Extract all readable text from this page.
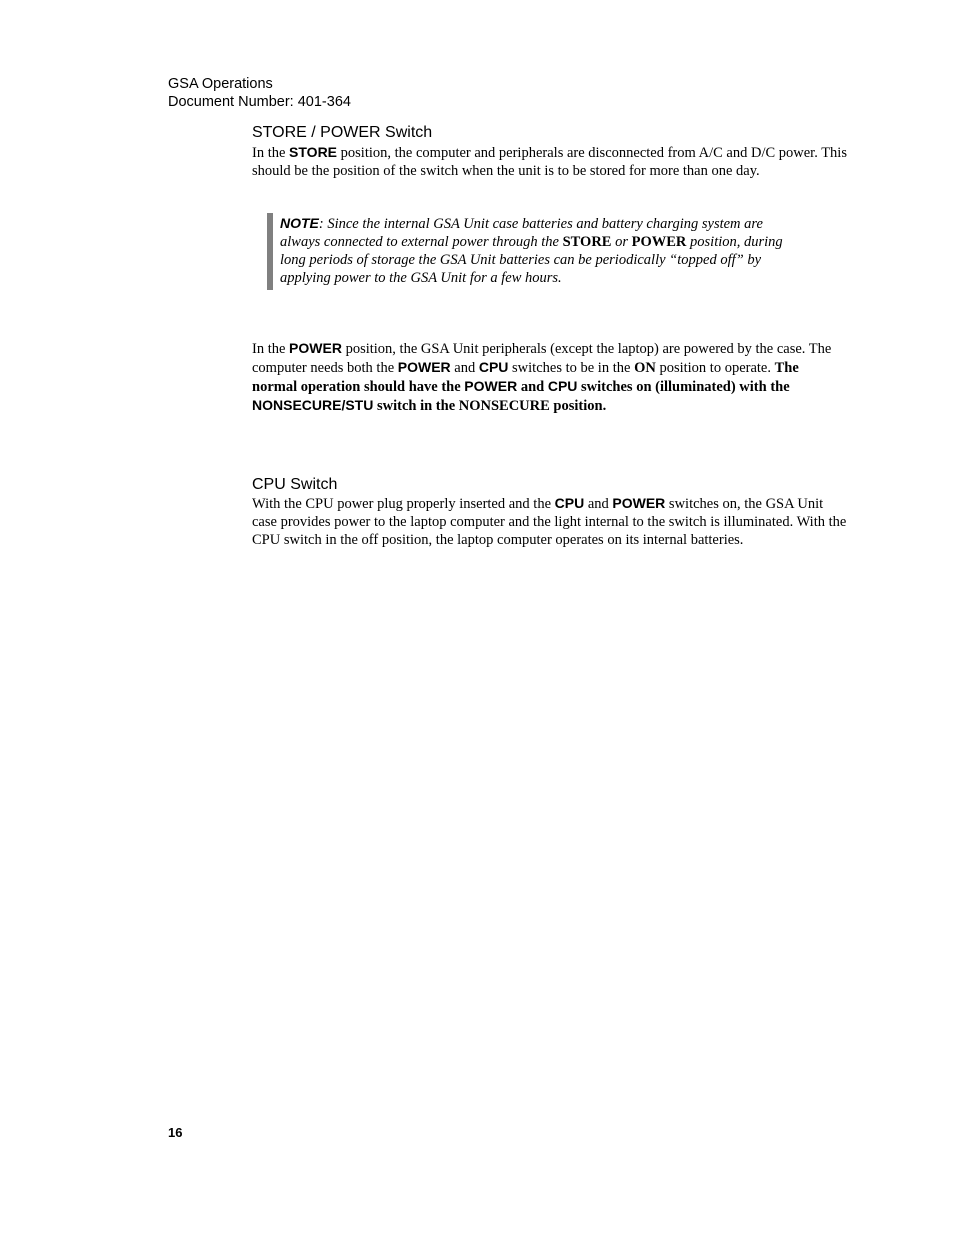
GSA Operations
Document Number: 401-364
STORE / POWER Switch
In the STORE position, the computer and peripherals are disconnected from A/C and D/C power. This should be the position of the switch when the unit is to be stored for more than one day.
NOTE: Since the internal GSA Unit case batteries and battery charging system are always connected to external power through the STORE or POWER position, during long periods of storage the GSA Unit batteries can be periodically “topped off” by applying power to the GSA Unit for a few hours.
In the POWER position, the GSA Unit peripherals (except the laptop) are powered by the case. The computer needs both the POWER and CPU switches to be in the ON position to operate. The normal operation should have the POWER and CPU switches on (illuminated) with the NONSECURE/STU switch in the NONSECURE position.
CPU Switch
With the CPU power plug properly inserted and the CPU and POWER switches on, the GSA Unit case provides power to the laptop computer and the light internal to the switch is illuminated. With the CPU switch in the off position, the laptop computer operates on its internal batteries.
16
